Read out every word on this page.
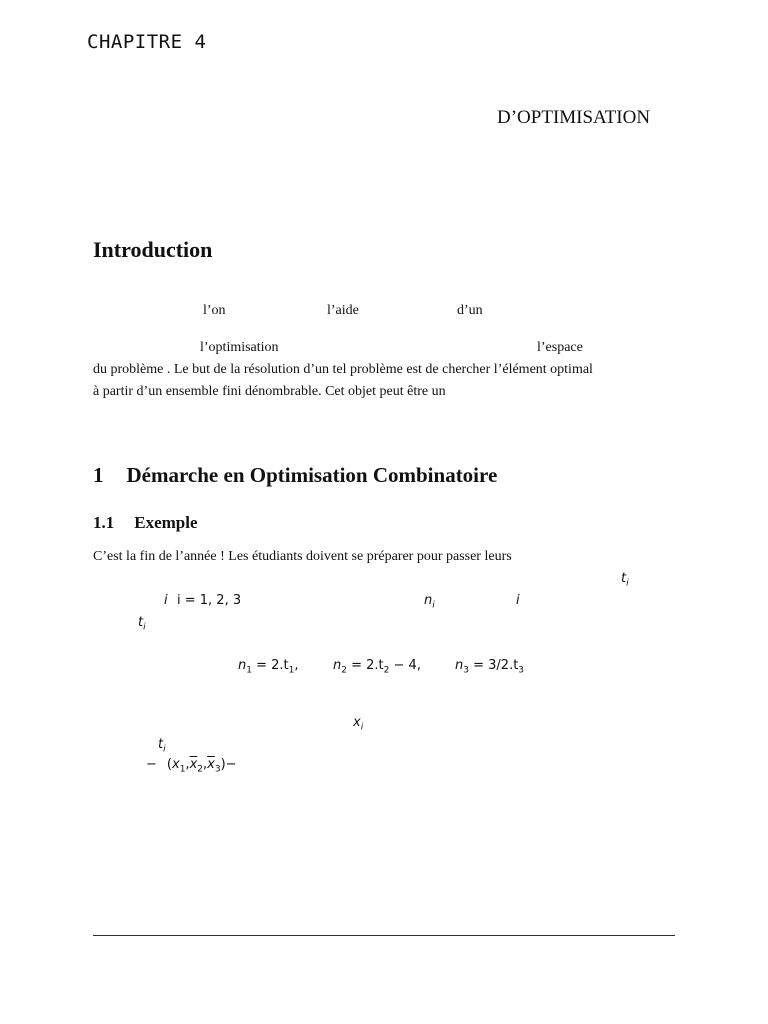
CHAPITRE 4
D’OPTIMISATION
Introduction
l’on	l’aide	d’un
l’optimisation	l’espace
du problème . Le but de la résolution d’un tel problème est de chercher l’élément optimal
à partir d’un ensemble fini dénombrable. Cet objet peut être un
1 Démarche en Optimisation Combinatoire
1.1 Exemple
C’est la fin de l’année ! Les étudiants doivent se préparer pour passer leurs
$t_i$
i i = 1, 2, 3	$n_i$	i
$t_i$
$n_1 = 2.t_1$,	$n_2 = 2.t_2 - 4$,	$n_3 = 3/2.t_3$
$x_i$
$t_i$
− $(x_1,\overline{x}_2,\overline{x}_3)-$
